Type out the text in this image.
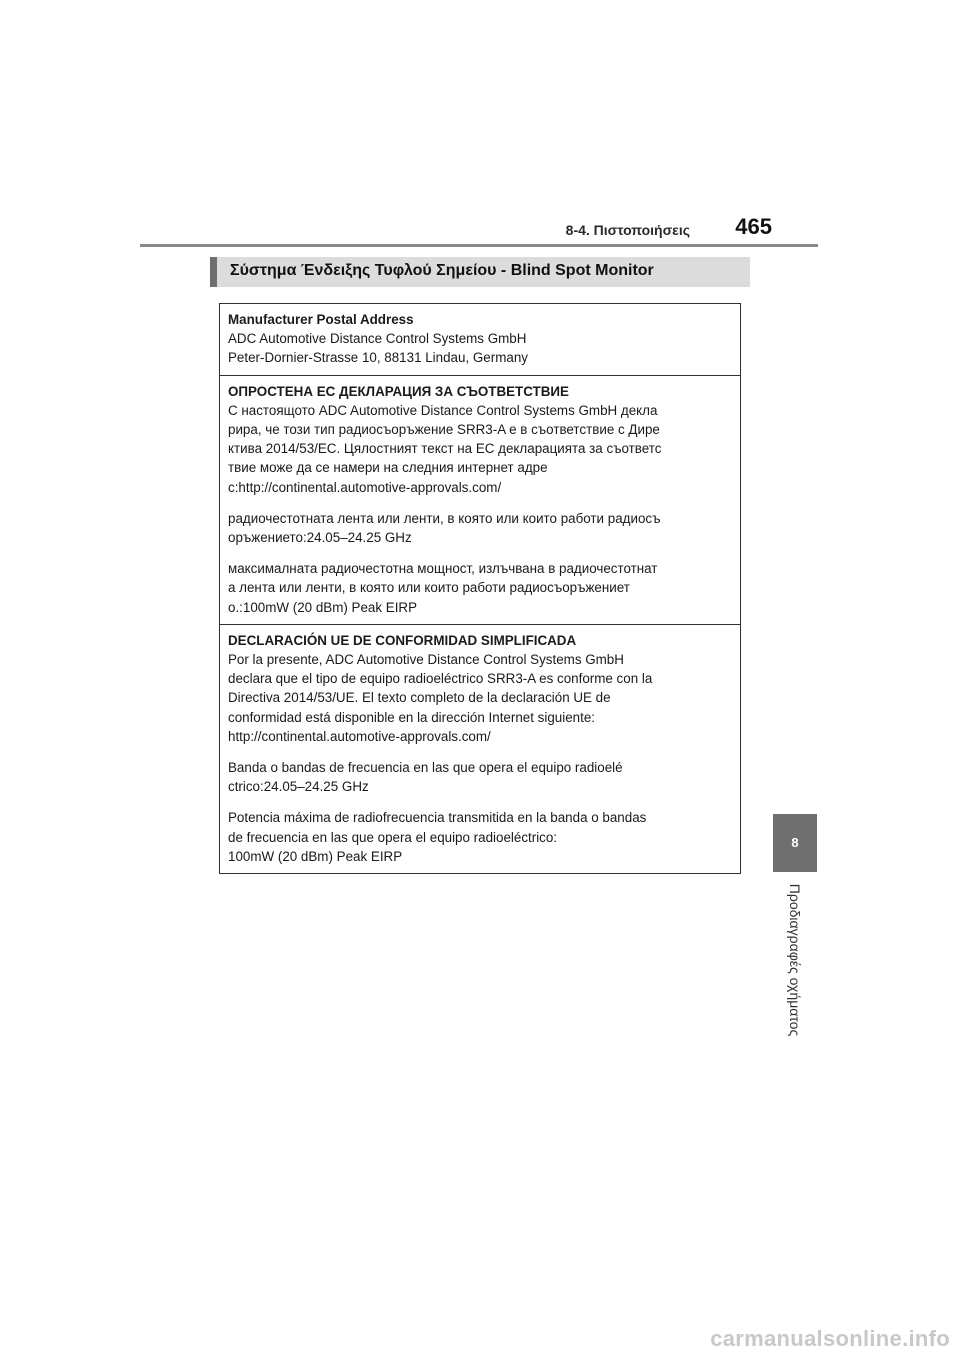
8-4. Πιστοποιήσεις 465
Σύστημα Ένδειξης Τυφλού Σημείου - Blind Spot Monitor
Manufacturer Postal Address
ADC Automotive Distance Control Systems GmbH
Peter-Dornier-Strasse 10, 88131 Lindau, Germany
ОПРОСТЕНА ЕС ДЕКЛАРАЦИЯ ЗА СЪОТВЕТСТВИЕ
С настоящото ADC Automotive Distance Control Systems GmbH декла
рира, че този тип радиосъоръжение SRR3-A е в съответствие с Дире
ктива 2014/53/ЕС. Цялостният текст на ЕС декларацията за съответс
твие може да се намери на следния интернет адре
c:http://continental.automotive-approvals.com/
радиочестотната лента или ленти, в която или които работи радиосъ
оръжението:24.05–24.25 GHz
максималната радиочестотна мощност, излъчвана в радиочестотнат
а лента или ленти, в която или които работи радиосъоръжениет
о.:100mW (20 dBm) Peak EIRP
DECLARACIÓN UE DE CONFORMIDAD SIMPLIFICADA
Por la presente, ADC Automotive Distance Control Systems GmbH
declara que el tipo de equipo radioeléctrico SRR3-A es conforme con la
Directiva 2014/53/UE. El texto completo de la declaración UE de
conformidad está disponible en la dirección Internet siguiente:
http://continental.automotive-approvals.com/
Banda o bandas de frecuencia en las que opera el equipo radioelé
ctrico:24.05–24.25 GHz
Potencia máxima de radiofrecuencia transmitida en la banda o bandas
de frecuencia en las que opera el equipo radioeléctrico:
100mW (20 dBm) Peak EIRP
8
Προδιαγραφές οχήματος
carmanualsonline.info
